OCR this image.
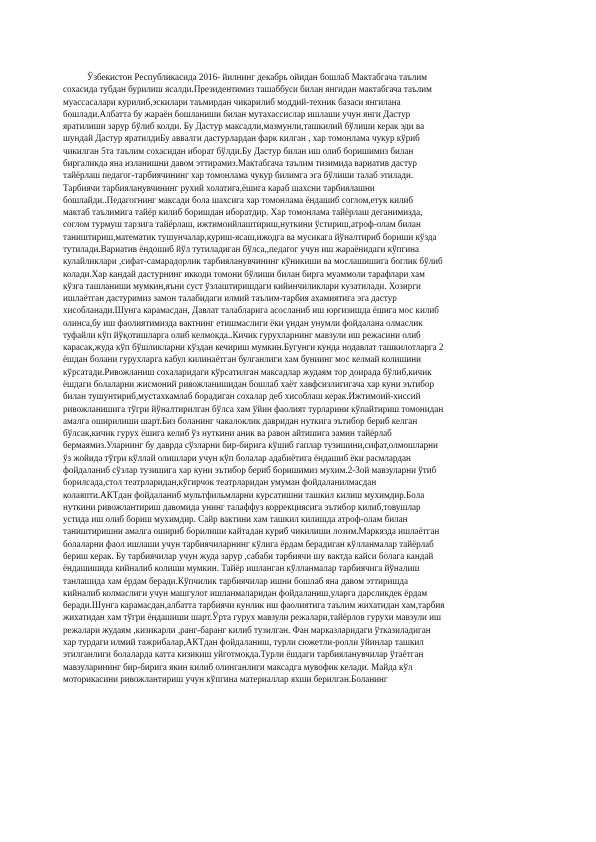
Ўзбекистон Республикасида 2016- йилнинг декабрь ойидан бошлаб Мактабгача таълим
сохасида тубдан бурилиш ясалди.Президентимиз ташаббуси билан янгидан мактабгача таълим
муассасалари курилиб,эскилари таъмирдан чикарилиб моддий-техник базаси янгилана
бошлади.Албатта бу жараён бошланиши билан мутахассислар ишлаши учун янги Дастур
яратилиши зарур бўлиб колди. Бу Дастур максадли,мазмунли,ташкилий бўлиши керак эди ва
шундай Дастур яратилдиБу аввалги дастурлардан фарк килган , хар томонлама чукур кўриб
чикилган 5та таълим сохасидан иборат бўлди.Бу Дастур билан иш олиб боришимиз билан
биргаликда яна изланишни давом эттирамиз.Мактабгача таълим тизимида вариатив дастур
тайёрлаш педагог-тарбиячининг хар томонлама чукур билимга эга бўлиши талаб этилади.
Тарбиячи тарбияланувчининг рухий холатига,ёшига караб шахсни тарбиялашни
бошлайди..Педагогнинг максади бола шахсига хар томонлама ёндашиб соглом,етук килиб
мактаб таълимига тайёр килиб боришдан иборатдир. Хар томонлама тайёрлаш деганимизда,
соглом турмуш тарзига тайёрлаш, ижтимоийлаштириш,нуткини ўстириш,атроф-олам билан
таништириш,математик тушунчалар,куриш-ясаш,ижодга ва мусикага йўналтириб бориши кўзда
тутилади.Вариатив ёндошиб йўл тутиладиган бўлса,,педагог учун иш жараёнидаги кўпгина
кулайликлари ,сифат-самарадорлик тарбияланувчининг кўникиши ва мослашишига боглик бўлиб
колади.Хар кандай дастурнинг иккоди томони бўлиши билан бирга муаммоли тарафлари хам
кўзга ташланиши мумкин,яъни суст ўзлаштиришдаги кийинчиликлари кузатилади. Хозирги
ишлаётган дастуримиз замон талабидаги илмий таълим-тарбия ахамиятига эга дастур
хисобланади.Шунга карамасдан, Давлат талабларига асосланиб иш юргизишда ёшига мос килиб
олинса,бу иш фаолиятимизда вактнинг етишмаслиги ёки үндан унумли фойдалана олмаслик
туфайли кўп йўқотишларга олиб келмокда..Кичик гурухларнинг мавзули иш режасини олиб
карасак,жуда кўп бўшликларни кўздан кечириш мумкин.Бугунги кунда нодавлат ташкилотларга 2
ёшдан болани гурухларга кабул килинаётган булганлиги хам буниинг мос келмай колишини
кўрсатади.Ривожланиш сохаларидаги кўрсатилган максадлар жудаям тор доирада бўлиб,кичик
ёшдаги болаларни жисмоний ривожланишидан бошлаб хаёт хавфсизлигигача хар куни эътибор
билан тушунтириб,мустахкамлаб борадиган сохалар деб хисоблаш керак.Ижтимоий-хиссий
ривожланишига тўгри йўналтирилган бўлса хам ўйин фаолият турларини кўпайтириш томонидан
амалга оширилиши шарт.Биз боланинг чакалоклик давридан нуткига эътибор бериб келган
бўлсак,кичик гурух ёшига келиб ўз нуткини аник ва равон айтишига замин тайёрлаб
бермаямиз.Уларнинг бу даврда сўзларни бир-бирига кўшиб гаплар тузишини,сифат,олмошларни
ўз жойида тўгри кўллай олишлари учун кўп болалар адабиётига ёндашиб ёки расмлардан
фойдаланиб сўзлар тузишига хар куни эътибор бериб боришимиз мухим.2-3ой мавзуларни ўтиб
борилсада,стол театрларидан,кўгирчок театрларидан умуман фойдаланилмасдан
колаяпти.АКТдан фойдаланиб мультфильмларни курсатишни ташкил килиш мухимдир.Бола
нуткини ривожлантириш давомида унинг талаффуз коррекциясига эътибор килиб,товушлар
устида иш олиб бориш мухимдир. Сайр вактини хам ташкил килишда атроф-олам билан
таништиришни амалга ошириб борилиши кайтадан куриб чикилиши лозим.Маркязда ишлаётган
болаларни фаол ишлаши учун тарбиячиларнинг кўлига ёрдам берадиган кўлланмалар тайёрлаб
бериш керак. Бу тарбиячилар учун жуда зарур ,сабаби тарбиячи шу вактда кайси болага кандай
ёндашишида кийналиб колиши мумкин. Тайёр ишланган кўлланмалар тарбиячига йўналиш
танлашида хам ёрдам беради.Кўпчилик тарбиячилар ишни бошлаб яна давом эттиришда
кийналиб колмаслиги учун машгулот ишланмаларидан фойдаланиш,уларга дарсликдек ёрдам
беради.Шунга карамасдан,албатта тарбиячи кунлик иш фаолиятига таълим жихатидан хам,тарбия
жихатидан хам тўгри ёндашиши шарт.Ўрта гурух мавзули режалари,тайёрлов гурухи мавзули иш
режалари жудаям ,кизикарли ,ранг-баранг килиб тузилган. Фан марказларидаги ўтказиладиган
хар турдаги илмий тажрибалар,АКТдан фойдаланиш, турли сюжетли-ролли ўйинлар ташкил
этилганлиги болаларда катта кизикиш уйготмокда.Турли ёшдаги тарбияланувчилар ўтаётган
мавзуларининг бир-бирига якин килиб олинганлиги максадга мувофик келади. Майда кўл
моторикасини ривожлантириш учун кўпгина материаллар яхши берилган.Боланинг
